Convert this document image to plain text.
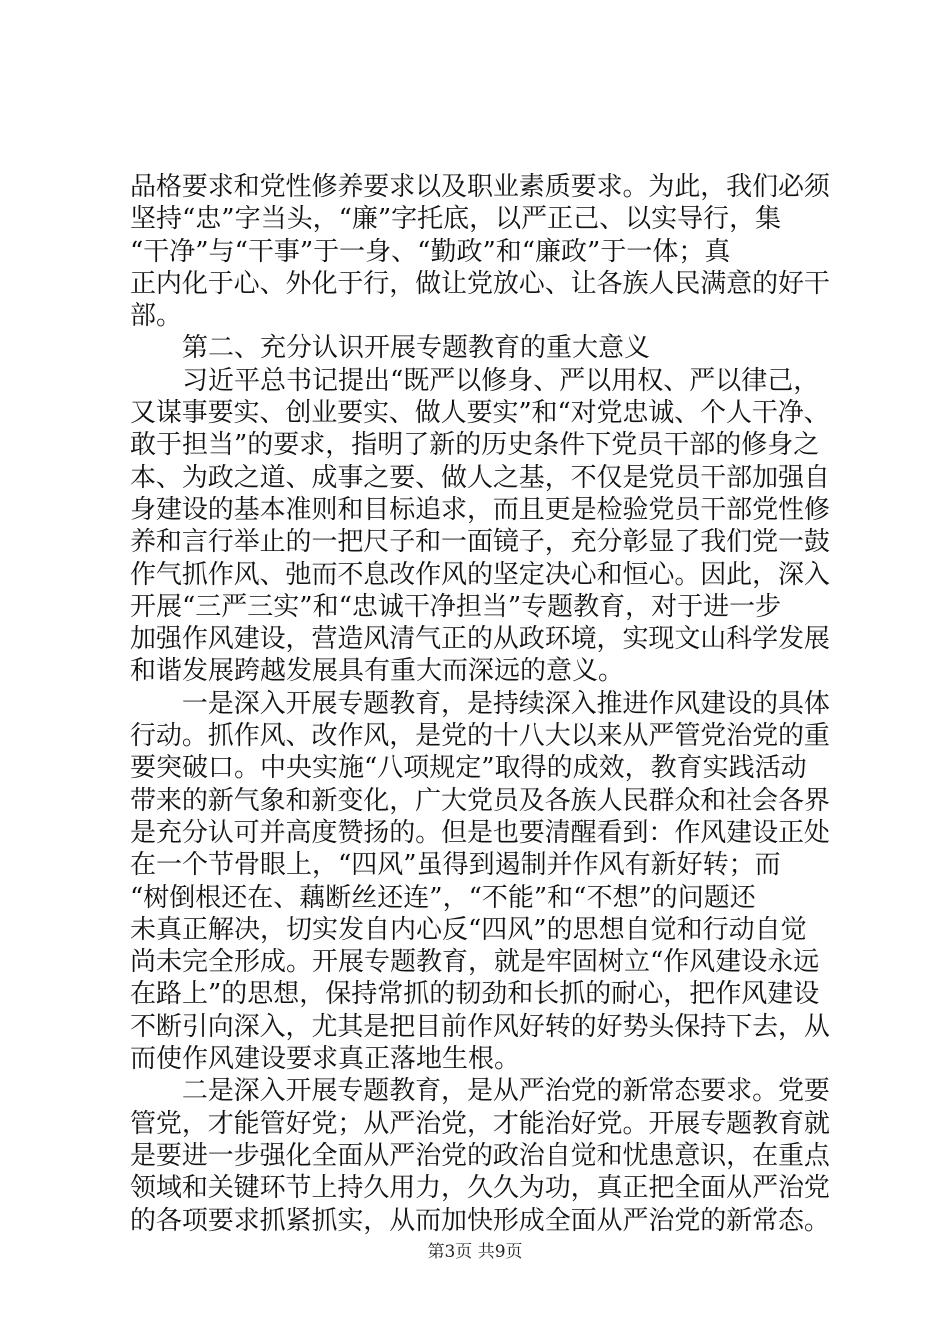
品格要求和党性修养要求以及职业素质要求。为此，我们必须
坚持“忠”字当头，“廉”字托底，以严正己、以实导行，集
“干净”与“干事”于一身、“勤政”和“廉政”于一体；真
正内化于心、外化于行，做让党放心、让各族人民满意的好干
部。
　　第二、充分认识开展专题教育的重大意义
　　习近平总书记提出“既严以修身、严以用权、严以律己，
又谋事要实、创业要实、做人要实”和“对党忠诚、个人干净、
敢于担当”的要求，指明了新的历史条件下党员干部的修身之
本、为政之道、成事之要、做人之基，不仅是党员干部加强自
身建设的基本准则和目标追求，而且更是检验党员干部党性修
养和言行举止的一把尺子和一面镜子，充分彰显了我们党一鼓
作气抓作风、弛而不息改作风的坚定决心和恒心。因此，深入
开展“三严三实”和“忠诚干净担当”专题教育，对于进一步
加强作风建设，营造风清气正的从政环境，实现文山科学发展
和谐发展跨越发展具有重大而深远的意义。
　　一是深入开展专题教育，是持续深入推进作风建设的具体
行动。抓作风、改作风，是党的十八大以来从严管党治党的重
要突破口。中央实施“八项规定”取得的成效，教育实践活动
带来的新气象和新变化，广大党员及各族人民群众和社会各界
是充分认可并高度赞扬的。但是也要清醒看到：作风建设正处
在一个节骨眼上，“四风”虽得到遏制并作风有新好转；而
“树倒根还在、藕断丝还连”，“不能”和“不想”的问题还
未真正解决，切实发自内心反“四风”的思想自觉和行动自觉
尚未完全形成。开展专题教育，就是牢固树立“作风建设永远
在路上”的思想，保持常抓的韧劲和长抓的耐心，把作风建设
不断引向深入，尤其是把目前作风好转的好势头保持下去，从
而使作风建设要求真正落地生根。
　　二是深入开展专题教育，是从严治党的新常态要求。党要
管党，才能管好党；从严治党，才能治好党。开展专题教育就
是要进一步强化全面从严治党的政治自觉和忧患意识，在重点
领域和关键环节上持久用力，久久为功，真正把全面从严治党
的各项要求抓紧抓实，从而加快形成全面从严治党的新常态。
第3页 共9页
